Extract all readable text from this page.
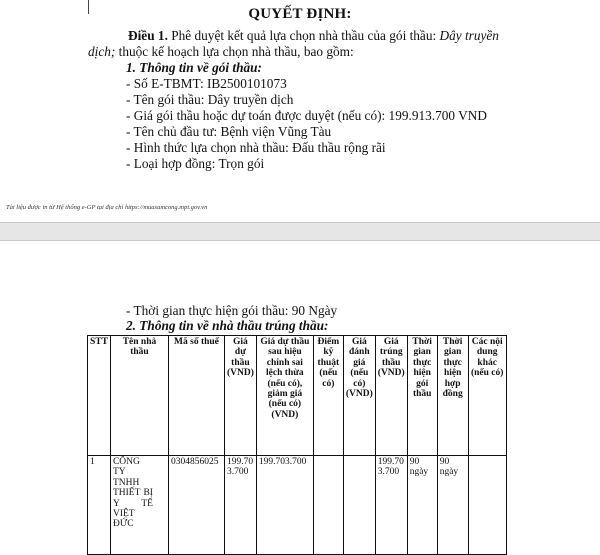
QUYẾT ĐỊNH:
Điều 1. Phê duyệt kết quả lựa chọn nhà thầu của gói thầu: Dây truyền
dịch; thuộc kế hoạch lựa chọn nhà thầu, bao gồm:
1. Thông tin về gói thầu:
- Số E-TBMT: IB2500101073
- Tên gói thầu: Dây truyền dịch
- Giá gói thầu hoặc dự toán được duyệt (nếu có): 199.913.700 VND
- Tên chủ đầu tư: Bệnh viện Vũng Tàu
- Hình thức lựa chọn nhà thầu: Đấu thầu rộng rãi
- Loại hợp đồng: Trọn gói
Tài liệu được in từ Hệ thống e-GP tại địa chỉ https://muasamcong.mpi.gov.vn
- Thời gian thực hiện gói thầu: 90 Ngày
2. Thông tin về nhà thầu trúng thầu:
STT	Tên nhà thầu	Mã số thuế	Giá dự thầu (VND)	Giá dự thầu sau hiệu chỉnh sai lệch thừa (nếu có), giảm giá (nếu có) (VND)	Điểm kỹ thuật (nếu có)	Giá đánh giá (nếu có) (VND)	Giá trúng thầu (VND)	Thời gian thực hiện gói thầu	Thời gian thực hiện hợp đồng	Các nội dung khác (nếu có)
1	CÔNG TY TNHH THIẾT BỊ Y TẾ VIỆT ĐỨC	0304856025	199.703.700	199.703.700			199.703.700	90 ngày	90 ngày	
